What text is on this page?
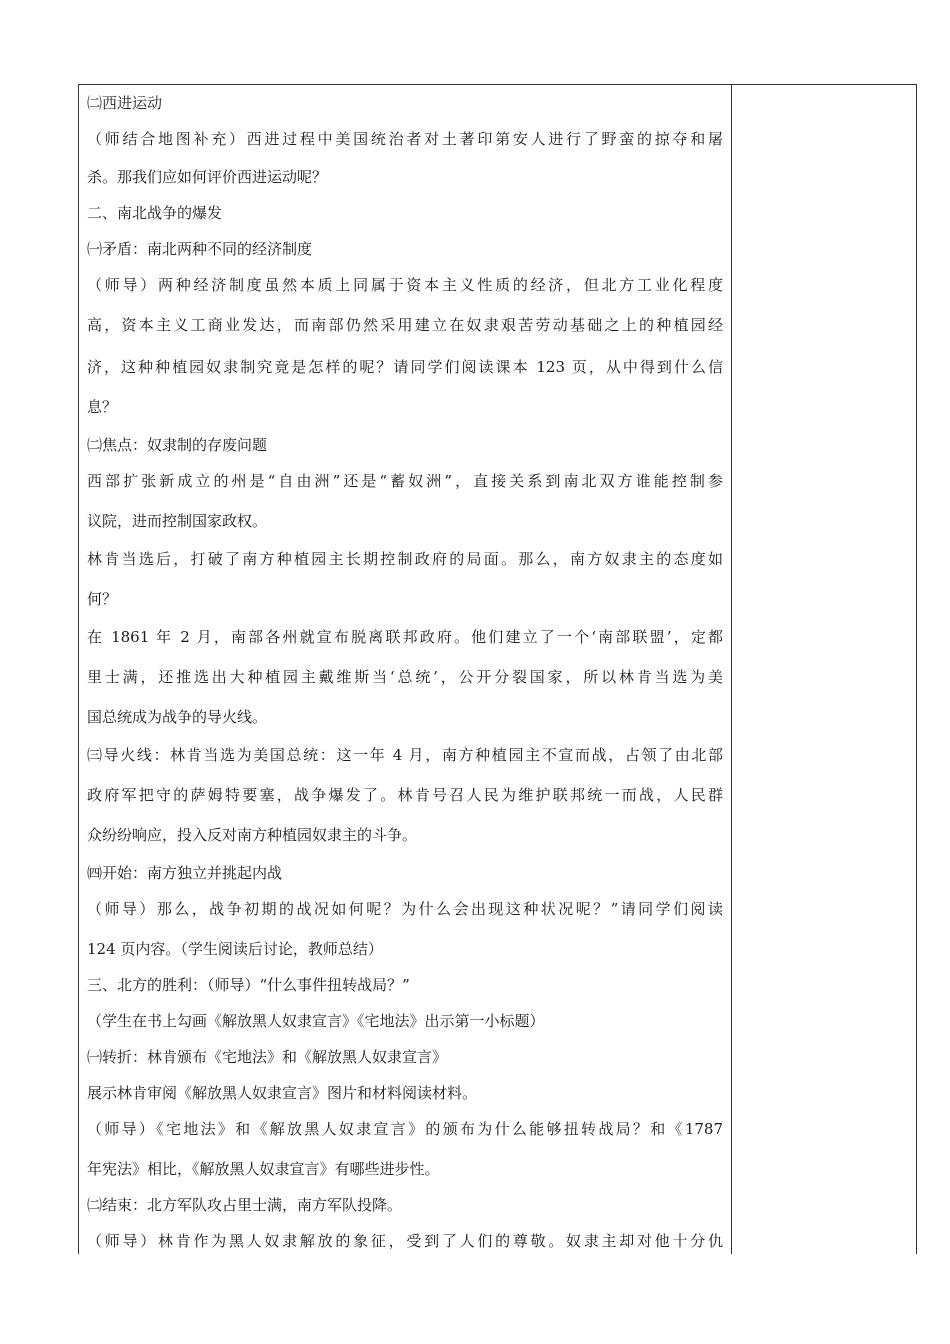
㈡西进运动
（师结合地图补充）西进过程中美国统治者对土著印第安人进行了野蛮的掠夺和屠
杀。那我们应如何评价西进运动呢？
二、南北战争的爆发
㈠矛盾：南北两种不同的经济制度
（师导）两种经济制度虽然本质上同属于资本主义性质的经济，但北方工业化程度
高，资本主义工商业发达，而南部仍然采用建立在奴隶艰苦劳动基础之上的种植园经
济，这种种植园奴隶制究竟是怎样的呢？请同学们阅读课本 123 页，从中得到什么信
息？
㈡焦点：奴隶制的存废问题
西部扩张新成立的州是“自由洲”还是“蓄奴洲”，直接关系到南北双方谁能控制参
议院，进而控制国家政权。
林肯当选后，打破了南方种植园主长期控制政府的局面。那么，南方奴隶主的态度如
何？
在 1861 年 2 月，南部各州就宣布脱离联邦政府。他们建立了一个‘南部联盟’，定都
里士满，还推选出大种植园主戴维斯当‘总统’，公开分裂国家，所以林肯当选为美
国总统成为战争的导火线。
㈢导火线：林肯当选为美国总统：这一年 4 月，南方种植园主不宣而战，占领了由北部
政府军把守的萨姆特要塞，战争爆发了。林肯号召人民为维护联邦统一而战，人民群
众纷纷响应，投入反对南方种植园奴隶主的斗争。
㈣开始：南方独立并挑起内战
（师导）那么，战争初期的战况如何呢？为什么会出现这种状况呢？”请同学们阅读
124 页内容。（学生阅读后讨论，教师总结）
三、北方的胜利：（师导）“什么事件扭转战局？”
（学生在书上勾画《解放黑人奴隶宣言》《宅地法》出示第一小标题）
㈠转折：林肯颁布《宅地法》和《解放黑人奴隶宣言》
展示林肯审阅《解放黑人奴隶宣言》图片和材料阅读材料。
（师导）《宅地法》和《解放黑人奴隶宣言》的颁布为什么能够扭转战局？和《1787
年宪法》相比，《解放黑人奴隶宣言》有哪些进步性。
㈡结束：北方军队攻占里士满，南方军队投降。
（师导）林肯作为黑人奴隶解放的象征，受到了人们的尊敬。奴隶主却对他十分仇
